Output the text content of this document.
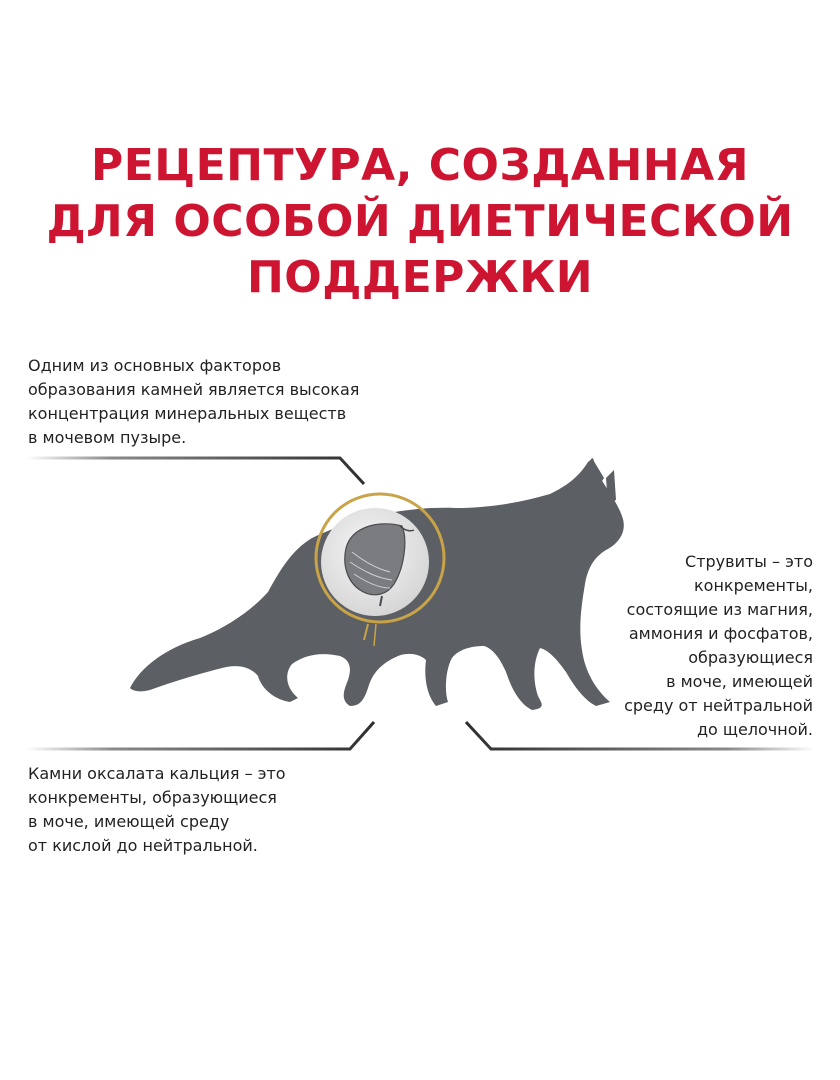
РЕЦЕПТУРА, СОЗДАННАЯ
ДЛЯ ОСОБОЙ ДИЕТИЧЕСКОЙ
ПОДДЕРЖКИ

Одним из основных факторов
образования камней является высокая
концентрация минеральных веществ
в мочевом пузыре.

Струвиты – это
конкременты,
состоящие из магния,
аммония и фосфатов,
образующиеся
в моче, имеющей
среду от нейтральной
до щелочной.

Камни оксалата кальция – это
конкременты, образующиеся
в моче, имеющей среду
от кислой до нейтральной.
